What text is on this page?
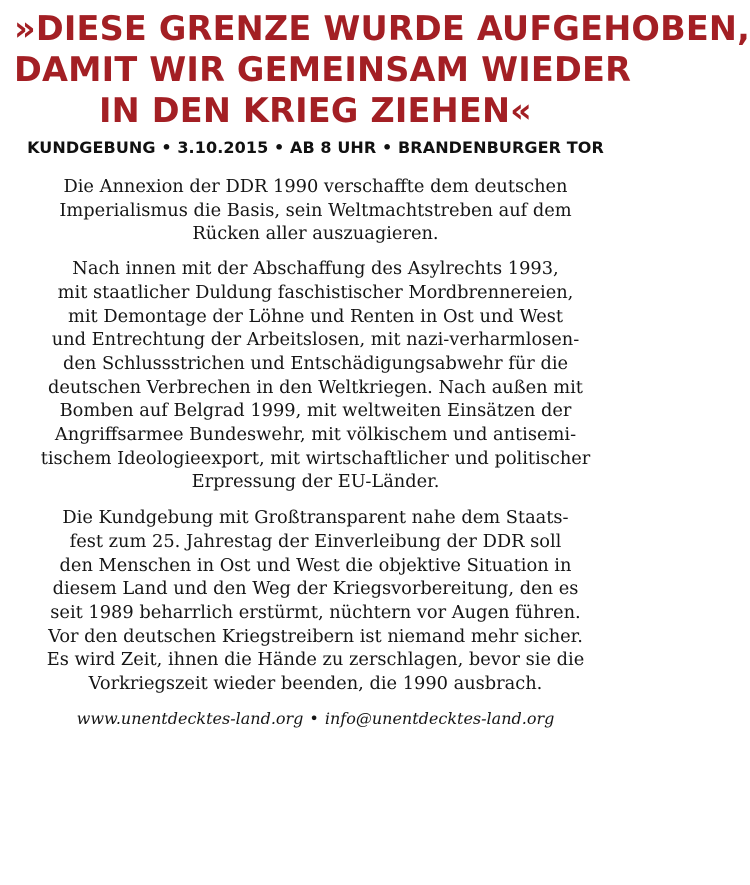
»DIESE GRENZE WURDE AUFGEHOBEN,
DAMIT WIR GEMEINSAM WIEDER
IN DEN KRIEG ZIEHEN«
KUNDGEBUNG • 3.10.2015 • AB 8 UHR • BRANDENBURGER TOR

Die Annexion der DDR 1990 verschaffte dem deutschen
Imperialismus die Basis, sein Weltmachtstreben auf dem
Rücken aller auszuagieren.

Nach innen mit der Abschaffung des Asylrechts 1993,
mit staatlicher Duldung faschistischer Mordbrennereien,
mit Demontage der Löhne und Renten in Ost und West
und Entrechtung der Arbeitslosen, mit nazi-verharmlosen-
den Schlussstrichen und Entschädigungsabwehr für die
deutschen Verbrechen in den Weltkriegen. Nach außen mit
Bomben auf Belgrad 1999, mit weltweiten Einsätzen der
Angriffsarmee Bundeswehr, mit völkischem und antisemi-
tischem Ideologieexport, mit wirtschaftlicher und politischer
Erpressung der EU-Länder.

Die Kundgebung mit Großtransparent nahe dem Staats-
fest zum 25. Jahrestag der Einverleibung der DDR soll
den Menschen in Ost und West die objektive Situation in
diesem Land und den Weg der Kriegsvorbereitung, den es
seit 1989 beharrlich erstürmt, nüchtern vor Augen führen.
Vor den deutschen Kriegstreibern ist niemand mehr sicher.
Es wird Zeit, ihnen die Hände zu zerschlagen, bevor sie die
Vorkriegszeit wieder beenden, die 1990 ausbrach.

www.unentdecktes-land.org • info@unentdecktes-land.org
